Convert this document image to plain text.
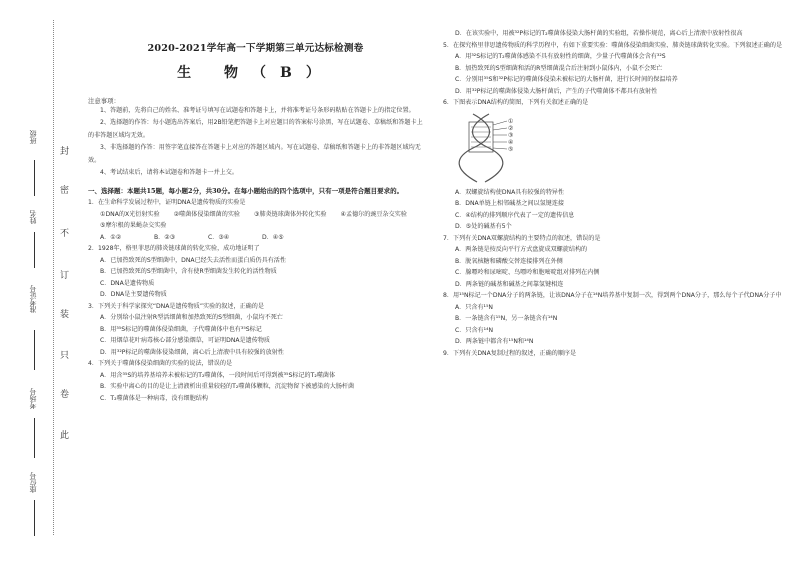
封
密
不
订
装
只
卷
此
班级
姓名
准考证号
考场号
座位号
2020-2021学年高一下学期第三单元达标检测卷
生 物（B）
注意事项：
1、答题前，先将自己的姓名、准考证号填写在试题卷和答题卡上，并将准考证号条形码粘贴在答题卡上的指定位置。
2、选择题的作答：每小题选出答案后，用2B铅笔把答题卡上对应题目的答案标号涂黑，写在试题卷、草稿纸和答题卡上的非答题区域均无效。
3、非选择题的作答：用签字笔直接答在答题卡上对应的答题区域内。写在试题卷、草稿纸和答题卡上的非答题区域均无效。
4、考试结束后，请将本试题卷和答题卡一并上交。
一、选择题：本题共15题，每小题2分，共30分。在每小题给出的四个选项中，只有一项是符合题目要求的。
1．在生命科学发展过程中，证明DNA是遗传物质的实验是
①DNA的X光衍射实验 ②噬菌体侵染细菌的实验 ③肺炎链球菌体外转化实验 ④孟德尔的豌豆杂交实验
⑤摩尔根的果蝇杂交实验
A．①②	B．②③	C．③④	D．④⑤
2．1928年，格里菲思的肺炎链球菌的转化实验，成功地证明了
A．已加热致死的S型细菌中，DNA已经失去活性而蛋白质仍具有活性
B．已加热致死的S型细菌中，含有使R型细菌发生转化的活性物质
C．DNA是遗传物质
D．DNA是主要遗传物质
3．下列关于科学家探究“DNA是遗传物质”实验的叙述，正确的是
A．分别给小鼠注射R型活细菌和加热致死的S型细菌，小鼠均不死亡
B．用³⁵S标记的噬菌体侵染细菌，子代噬菌体中也有³⁵S标记
C．用烟草花叶病毒核心部分感染烟草，可证明DNA是遗传物质
D．用³²P标记的噬菌体侵染细菌，离心后上清液中具有较强的放射性
4．下列关于噬菌体侵染细菌的实验的说法，错误的是
A．用含³⁵S的培养基培养未被标记的T₂噬菌体，一段时间后可得到被³⁵S标记的T₂噬菌体
B．实验中离心的目的是让上清液析出重量较轻的T₂噬菌体颗粒，沉淀物留下被感染的大肠杆菌
C．T₂噬菌体是一种病毒，没有细胞结构
D．在该实验中，用被³²P标记的T₂噬菌体侵染大肠杆菌的实验组，若操作规范，离心后上清液中放射性很高
5．在探究格里菲思遗传物质的科学历程中，有如下重要实验：噬菌体侵染细菌实验、肺炎链球菌转化实验。下列叙述正确的是
A．用³²S标记的T₂噬菌体感染不具有放射性的细菌，少量子代噬菌体会含有³²S
B．加热致死的S型细菌和活的R型细菌混合后注射到小鼠体内，小鼠不会死亡
C．分别用³⁵S和³²P标记的噬菌体侵染未被标记的大肠杆菌，进行长时间的保温培养
D．用³²P标记的噬菌体侵染大肠杆菌后，产生的子代噬菌体不都具有放射性
6．下图表示DNA结构的简图，下列有关叙述正确的是
①
②
③
④
⑤
A．双螺旋结构使DNA具有较强的特异性
B．DNA单链上相邻碱基之间以氢键连接
C．④结构的排列顺序代表了一定的遗传信息
D．⑤处的碱基有5个
7．下列有关DNA双螺旋结构的主要特点的叙述，错误的是
A．两条链是按反向平行方式盘旋成双螺旋结构的
B．脱氧核糖和磷酸交替连接排列在外侧
C．腺嘌呤和尿嘧啶、鸟嘌呤和胞嘧啶组对排列在内侧
D．两条链的碱基和碱基之间靠氢键相连
8．用¹⁵N标记一个DNA分子的两条链，让该DNA分子在¹⁴N培养基中复制一次，得到两个DNA分子，那么每个子代DNA分子中
A．只含有¹⁵N
B．一条链含有¹⁵N，另一条链含有¹⁴N
C．只含有¹⁴N
D．两条链中都含有¹⁵N和¹⁴N
9．下列有关DNA复制过程的叙述，正确的顺序是
